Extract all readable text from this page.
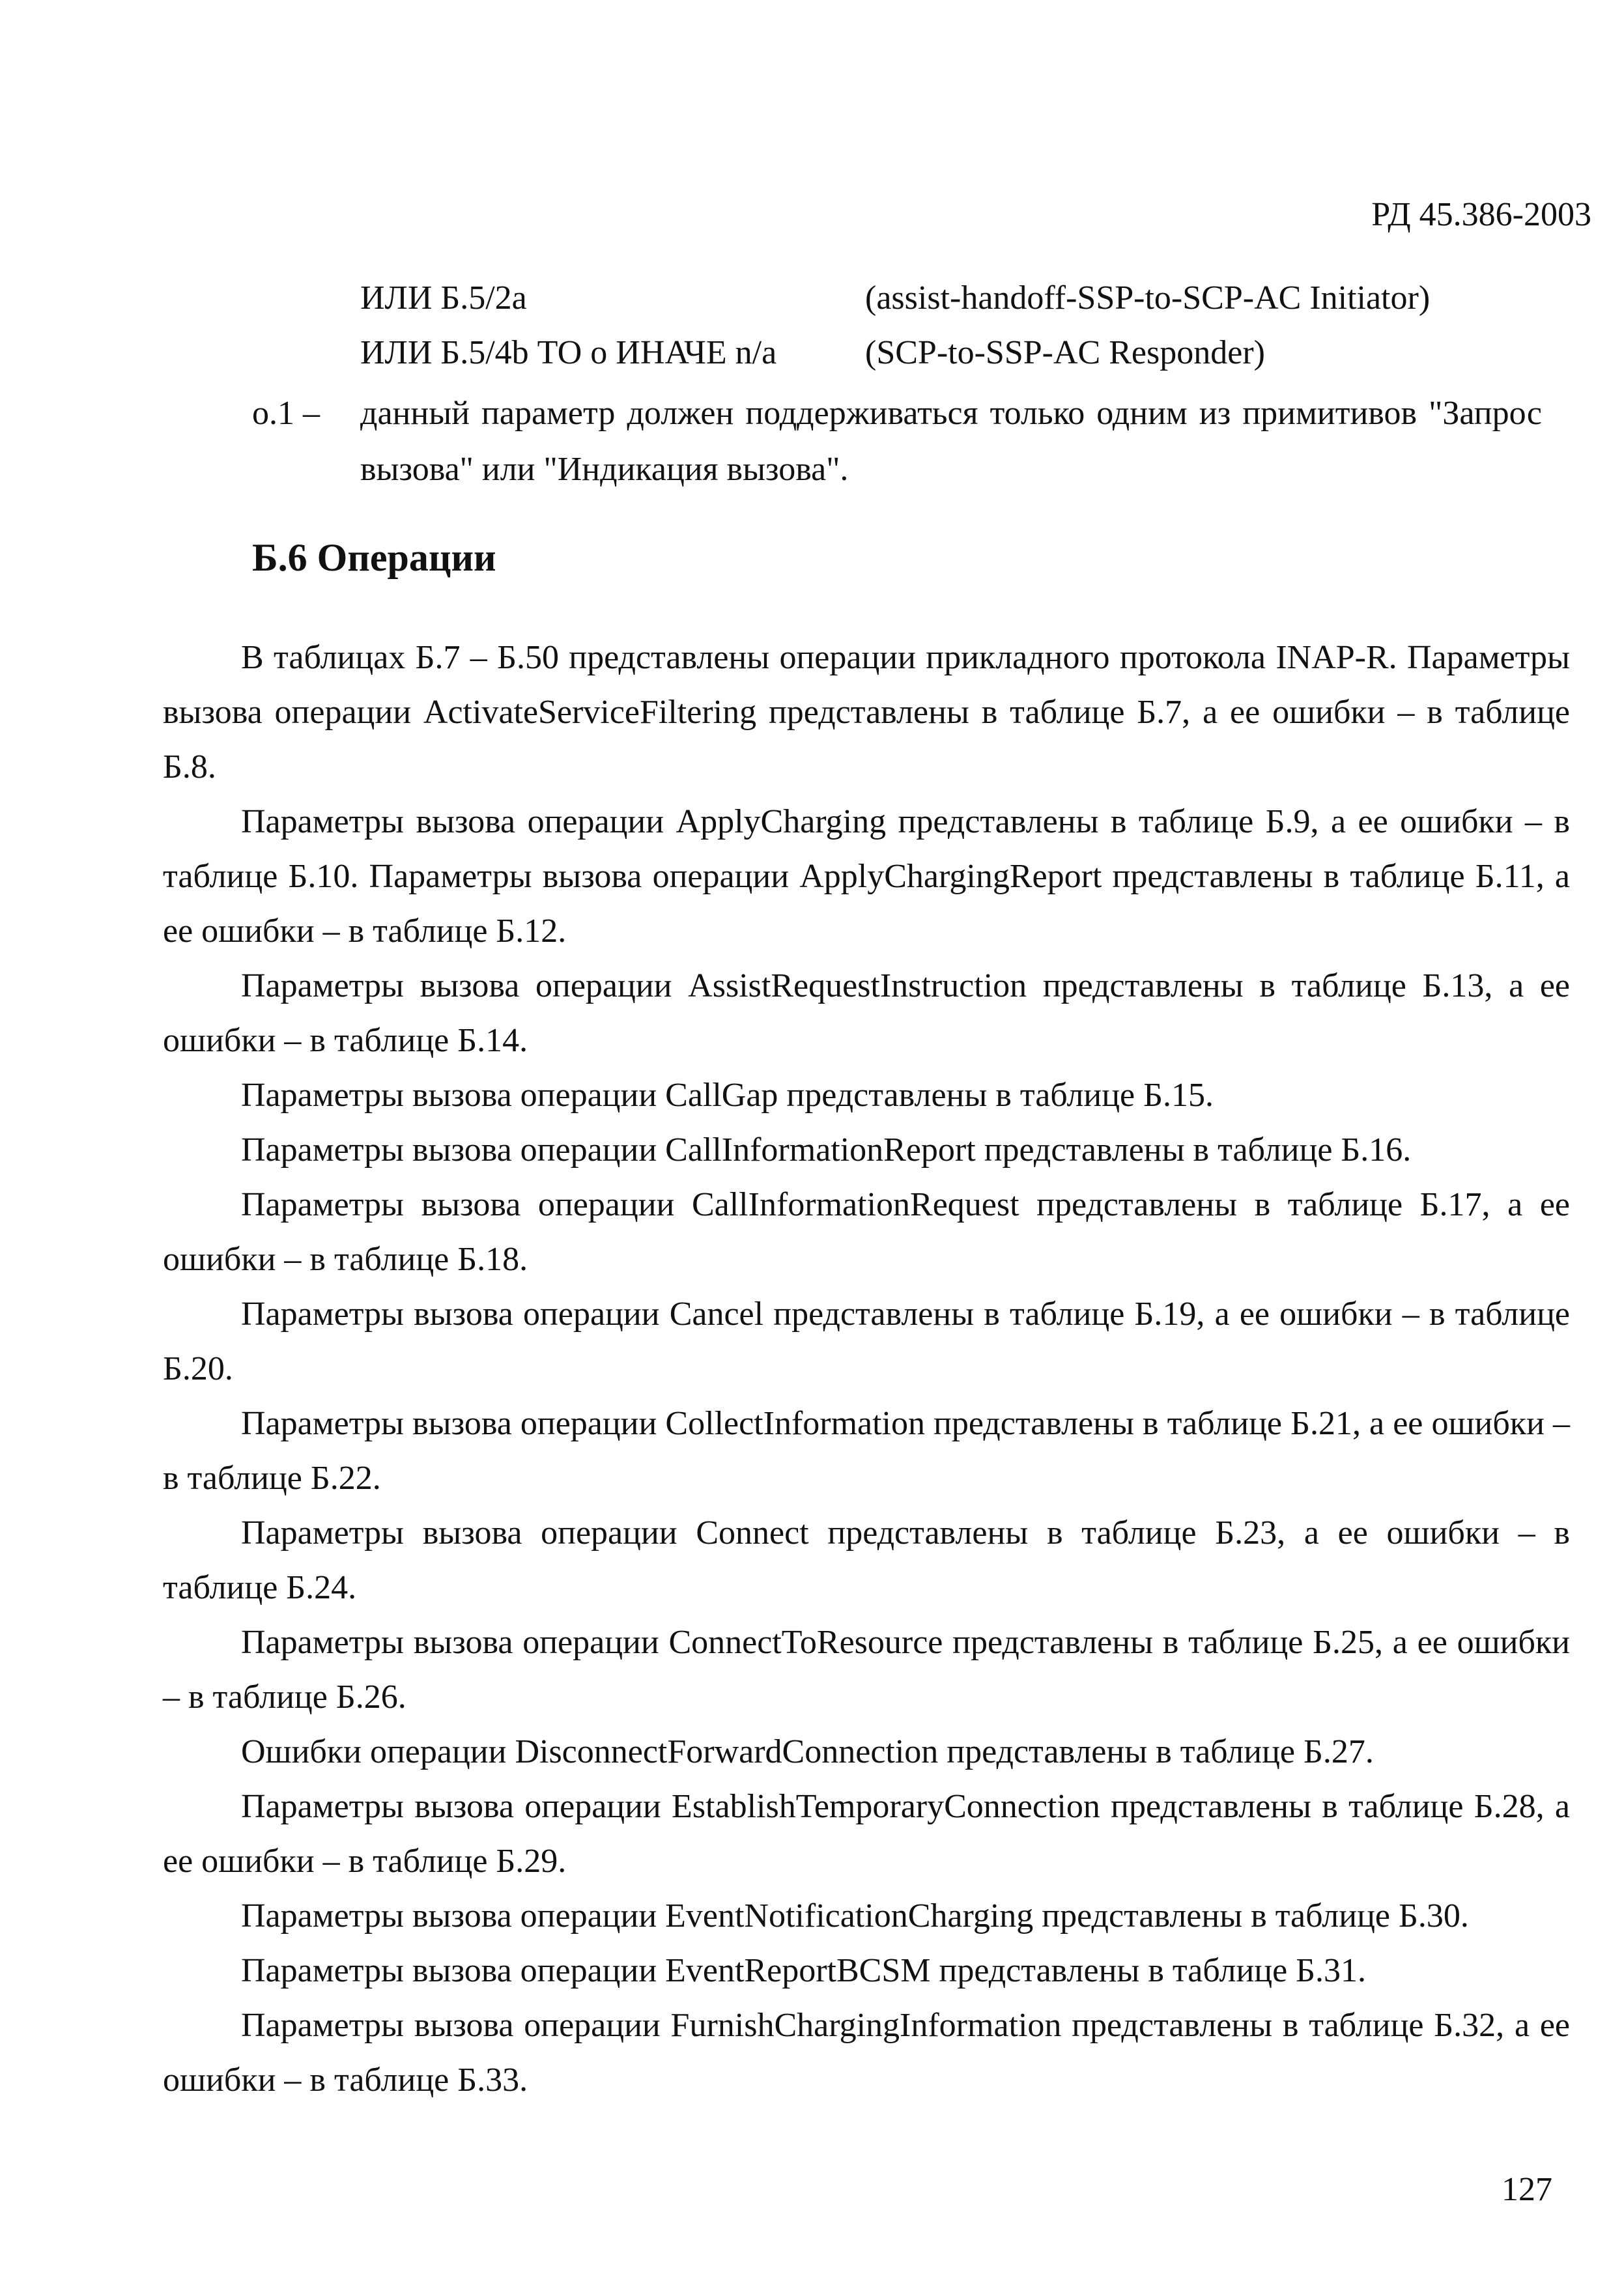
РД 45.386-2003
ИЛИ Б.5/2a	(assist-handoff-SSP-to-SCP-AC Initiator)
ИЛИ Б.5/4b ТО о ИНАЧЕ n/a	(SCP-to-SSP-AC Responder)
o.1 – данный параметр должен поддерживаться только одним из примитивов "Запрос вызова" или "Индикация вызова".
Б.6 Операции

В таблицах Б.7 – Б.50 представлены операции прикладного протокола INAP-R. Параметры вызова операции ActivateServiceFiltering представлены в таблице Б.7, а ее ошибки – в таблице Б.8.

Параметры вызова операции ApplyCharging представлены в таблице Б.9, а ее ошибки – в таблице Б.10. Параметры вызова операции ApplyChargingReport представлены в таблице Б.11, а ее ошибки – в таблице Б.12.

Параметры вызова операции AssistRequestInstruction представлены в таблице Б.13, а ее ошибки – в таблице Б.14.

Параметры вызова операции CallGap представлены в таблице Б.15.

Параметры вызова операции CallInformationReport представлены в таблице Б.16.

Параметры вызова операции CallInformationRequest представлены в таблице Б.17, а ее ошибки – в таблице Б.18.

Параметры вызова операции Cancel представлены в таблице Б.19, а ее ошибки – в таблице Б.20.

Параметры вызова операции CollectInformation представлены в таблице Б.21, а ее ошибки – в таблице Б.22.

Параметры вызова операции Connect представлены в таблице Б.23, а ее ошибки – в таблице Б.24.

Параметры вызова операции ConnectToResource представлены в таблице Б.25, а ее ошибки – в таблице Б.26.

Ошибки операции DisconnectForwardConnection представлены в таблице Б.27.

Параметры вызова операции EstablishTemporaryConnection представлены в таблице Б.28, а ее ошибки – в таблице Б.29.

Параметры вызова операции EventNotificationCharging представлены в таблице Б.30.

Параметры вызова операции EventReportBCSM представлены в таблице Б.31.

Параметры вызова операции FurnishChargingInformation представлены в таблице Б.32, а ее ошибки – в таблице Б.33.

127
